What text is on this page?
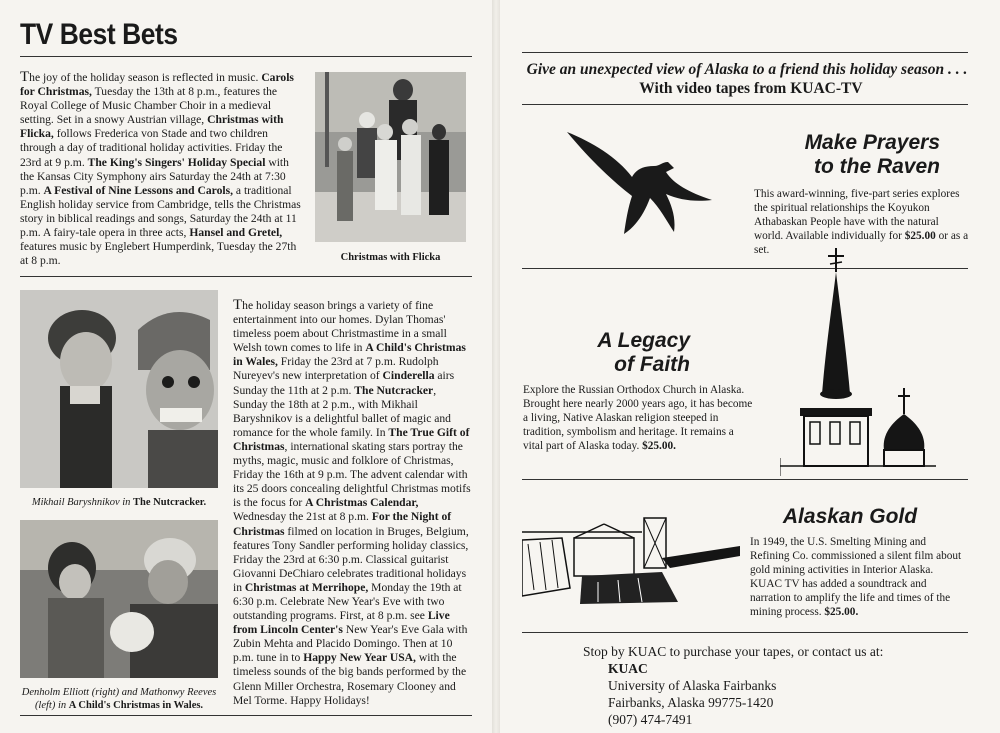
TV Best Bets
The joy of the holiday season is reflected in music. Carols for Christmas, Tuesday the 13th at 8 p.m., features the Royal College of Music Chamber Choir in a medieval setting. Set in a snowy Austrian village, Christmas with Flicka, follows Frederica von Stade and two children through a day of traditional holiday activities. Friday the 23rd at 9 p.m. The King's Singers' Holiday Special with the Kansas City Symphony airs Saturday the 24th at 7:30 p.m. A Festival of Nine Lessons and Carols, a traditional English holiday service from Cambridge, tells the Christmas story in biblical readings and songs, Saturday the 24th at 11 p.m. A fairy-tale opera in three acts, Hansel and Gretel, features music by Englebert Humperdink, Tuesday the 27th at 8 p.m.	Christmas with Flicka
Mikhail Baryshnikov in The Nutcracker.
Denholm Elliott (right) and Mathonwy Reeves (left) in A Child's Christmas in Wales.
The holiday season brings a variety of fine entertainment into our homes. Dylan Thomas' timeless poem about Christmastime in a small Welsh town comes to life in A Child's Christmas in Wales, Friday the 23rd at 7 p.m. Rudolph Nureyev's new interpretation of Cinderella airs Sunday the 11th at 2 p.m. The Nutcracker, Sunday the 18th at 2 p.m., with Mikhail Baryshnikov is a delightful ballet of magic and romance for the whole family. In The True Gift of Christmas, international skating stars portray the myths, magic, music and folklore of Christmas, Friday the 16th at 9 p.m. The advent calendar with its 25 doors concealing delightful Christmas motifs is the focus for A Christmas Calendar, Wednesday the 21st at 8 p.m. For the Night of Christmas filmed on location in Bruges, Belgium, features Tony Sandler performing holiday classics, Friday the 23rd at 6:30 p.m. Classical guitarist Giovanni DeChiaro celebrates traditional holidays in Christmas at Merrihope, Monday the 19th at 6:30 p.m. Celebrate New Year's Eve with two outstanding programs. First, at 8 p.m. see Live from Lincoln Center's New Year's Eve Gala with Zubin Mehta and Placido Domingo. Then at 10 p.m. tune in to Happy New Year USA, with the timeless sounds of the big bands performed by the Glenn Miller Orchestra, Rosemary Clooney and Mel Torme. Happy Holidays!
Give an unexpected view of Alaska to a friend this holiday season . . .   With video tapes from KUAC-TV
Make Prayers
to the Raven
This award-winning, five-part series explores the spiritual relationships the Koyukon Athabaskan People have with the natural world. Available individually for $25.00 or as a set.
A Legacy
of Faith
Explore the Russian Orthodox Church in Alaska. Brought here nearly 2000 years ago, it has become a living, Native Alaskan religion steeped in tradition, symbolism and heritage. It remains a vital part of Alaska today. $25.00.
Alaskan Gold
In 1949, the U.S. Smelting Mining and Refining Co. commissioned a silent film about gold mining activities in Interior Alaska. KUAC TV has added a soundtrack and narration to amplify the life and times of the mining process. $25.00.
Stop by KUAC to purchase your tapes, or contact us at:
KUAC
University of Alaska Fairbanks
Fairbanks, Alaska 99775-1420
(907) 474-7491
